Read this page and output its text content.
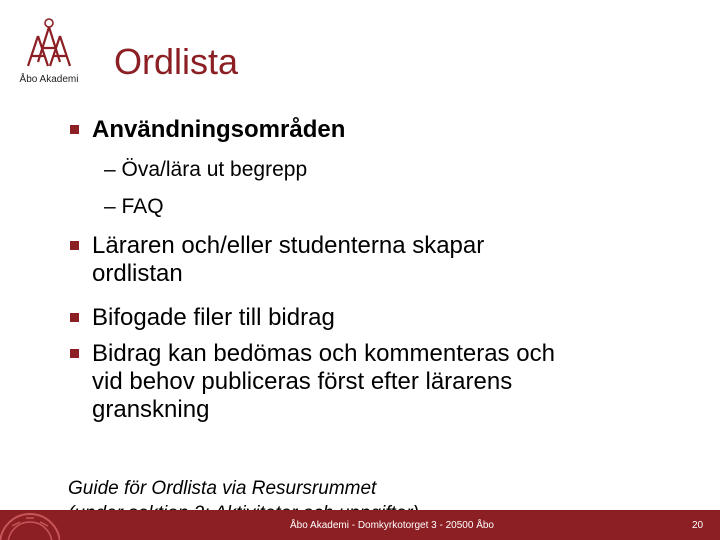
Åbo Akademi Ordlista
Användningsområden
– Öva/lära ut begrepp
– FAQ
Läraren och/eller studenterna skapar
ordlistan
Bifogade filer till bidrag
Bidrag kan bedömas och kommenteras och
vid behov publiceras först efter lärarens
granskning
Guide för Ordlista via Resursrummet
Åbo Akademi - Domkyrkotorget 3 - 20500 Åbo	20
